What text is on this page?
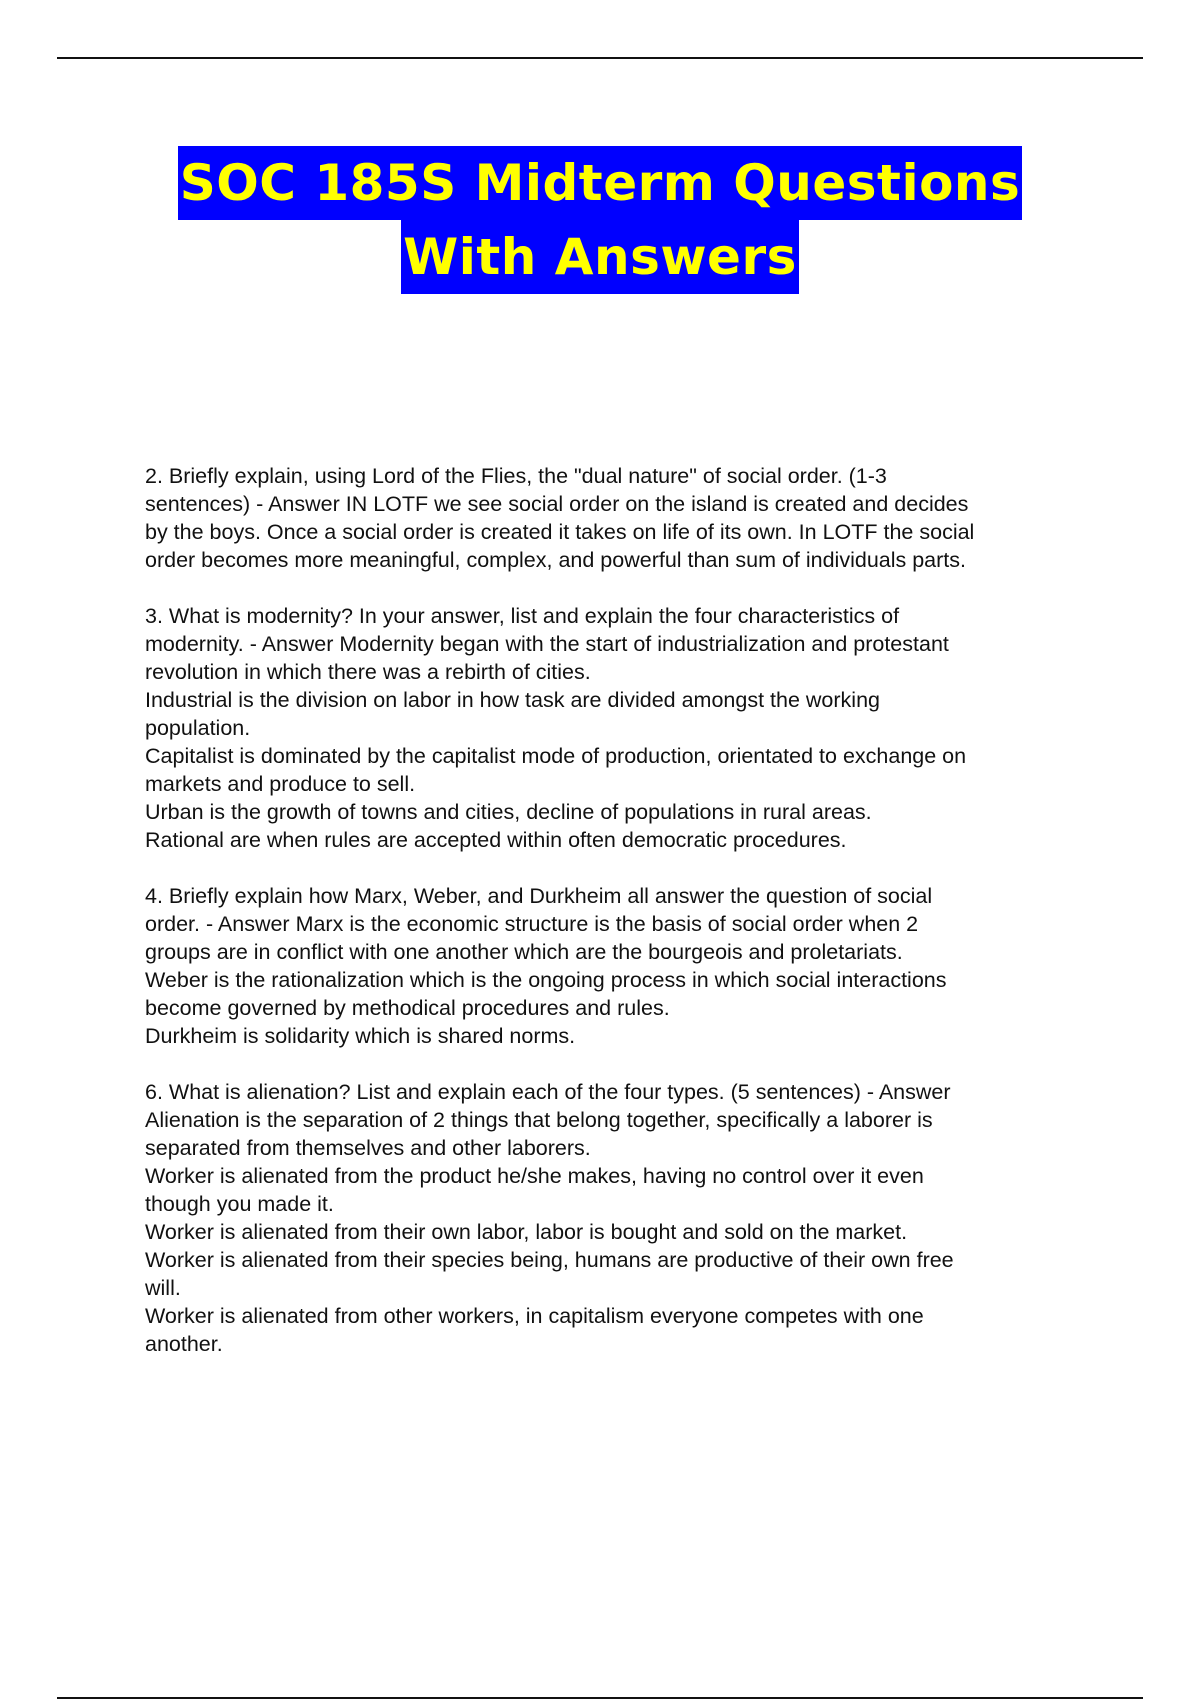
SOC 185S Midterm Questions
With Answers
2. Briefly explain, using Lord of the Flies, the "dual nature" of social order. (1-3
sentences) - Answer IN LOTF we see social order on the island is created and decides
by the boys. Once a social order is created it takes on life of its own. In LOTF the social
order becomes more meaningful, complex, and powerful than sum of individuals parts.
3. What is modernity? In your answer, list and explain the four characteristics of
modernity. - Answer Modernity began with the start of industrialization and protestant
revolution in which there was a rebirth of cities.
Industrial is the division on labor in how task are divided amongst the working
population.
Capitalist is dominated by the capitalist mode of production, orientated to exchange on
markets and produce to sell.
Urban is the growth of towns and cities, decline of populations in rural areas.
Rational are when rules are accepted within often democratic procedures.
4. Briefly explain how Marx, Weber, and Durkheim all answer the question of social
order. - Answer Marx is the economic structure is the basis of social order when 2
groups are in conflict with one another which are the bourgeois and proletariats.
Weber is the rationalization which is the ongoing process in which social interactions
become governed by methodical procedures and rules.
Durkheim is solidarity which is shared norms.
6. What is alienation? List and explain each of the four types. (5 sentences) - Answer
Alienation is the separation of 2 things that belong together, specifically a laborer is
separated from themselves and other laborers.
Worker is alienated from the product he/she makes, having no control over it even
though you made it.
Worker is alienated from their own labor, labor is bought and sold on the market.
Worker is alienated from their species being, humans are productive of their own free
will.
Worker is alienated from other workers, in capitalism everyone competes with one
another.
